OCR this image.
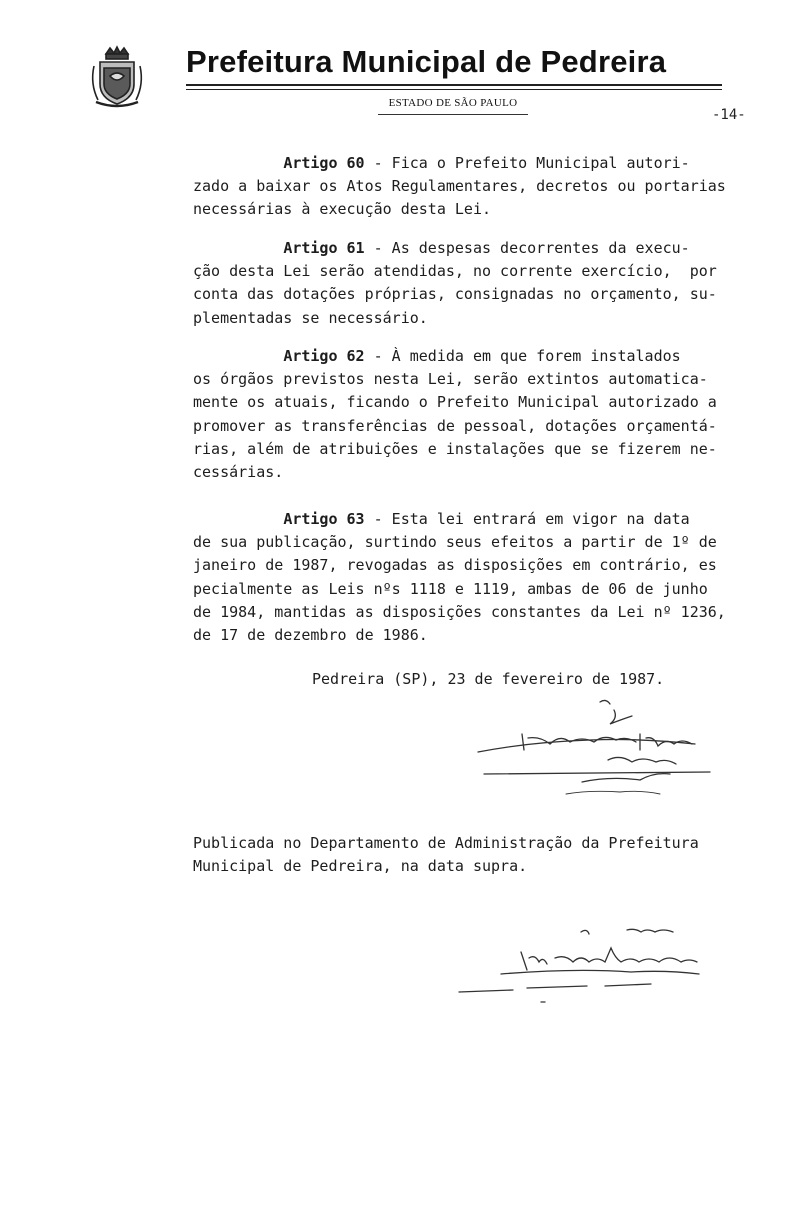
Prefeitura Municipal de Pedreira
ESTADO DE SÃO PAULO
-14-

Artigo 60 - Fica o Prefeito Municipal autori-

zado a baixar os Atos Regulamentares, decretos ou portarias

necessárias à execução desta Lei.

Artigo 61 - As despesas decorrentes da execu-

ção desta Lei serão atendidas, no corrente exercício,  por

conta das dotações próprias, consignadas no orçamento, su-

plementadas se necessário.

Artigo 62 - À medida em que forem instalados

os órgãos previstos nesta Lei, serão extintos automatica-

mente os atuais, ficando o Prefeito Municipal autorizado a

promover as transferências de pessoal, dotações orçamentá-

rias, além de atribuições e instalações que se fizerem ne-

cessárias.

Artigo 63 - Esta lei entrará em vigor na data

de sua publicação, surtindo seus efeitos a partir de 1º de

janeiro de 1987, revogadas as disposições em contrário, es

pecialmente as Leis nºs 1118 e 1119, ambas de 06 de junho

de 1984, mantidas as disposições constantes da Lei nº 1236,

de 17 de dezembro de 1986.

Pedreira (SP), 23 de fevereiro de 1987.

Publicada no Departamento de Administração da Prefeitura

Municipal de Pedreira, na data supra.
